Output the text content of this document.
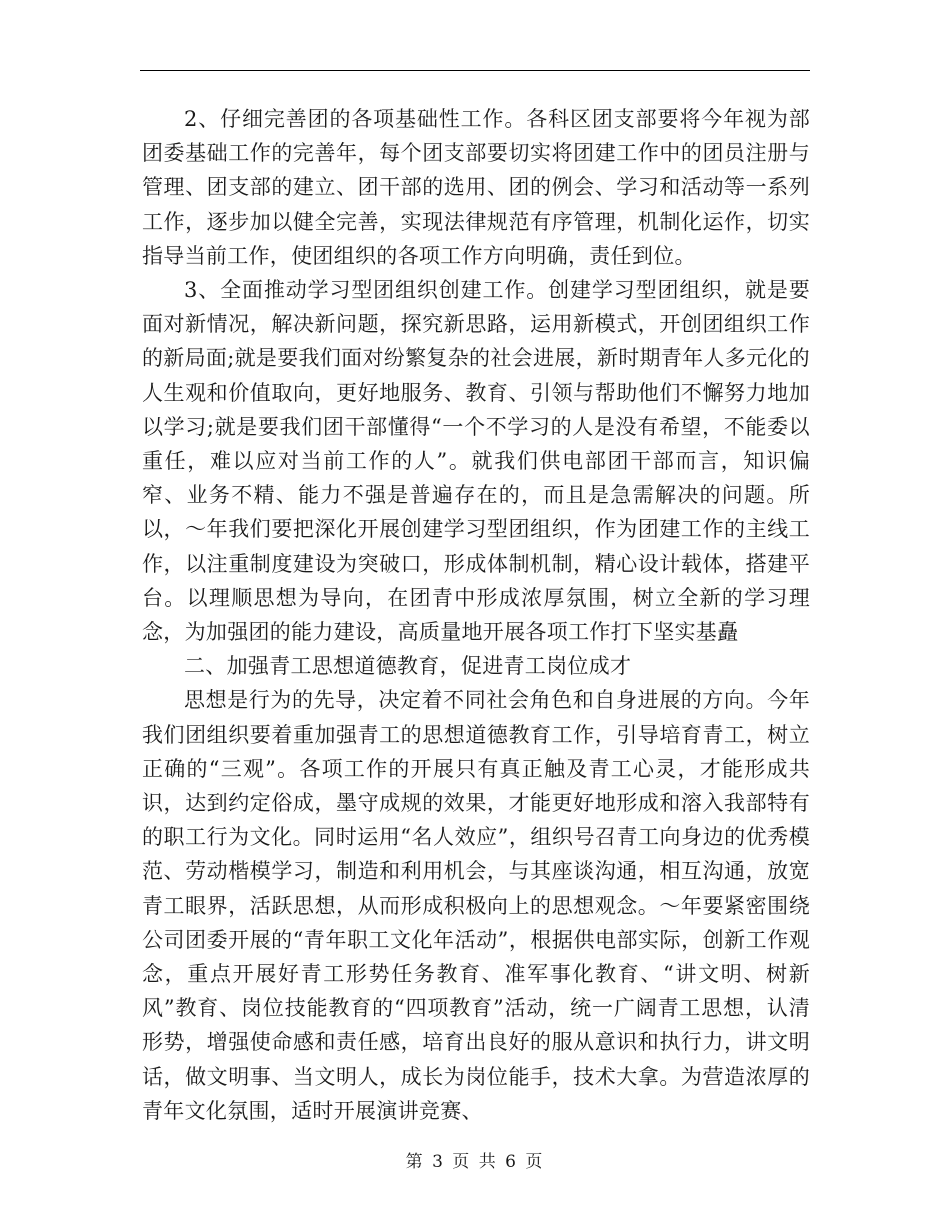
2、仔细完善团的各项基础性工作。各科区团支部要将今年视为部团委基础工作的完善年，每个团支部要切实将团建工作中的团员注册与管理、团支部的建立、团干部的选用、团的例会、学习和活动等一系列工作，逐步加以健全完善，实现法律规范有序管理，机制化运作，切实指导当前工作，使团组织的各项工作方向明确，责任到位。

3、全面推动学习型团组织创建工作。创建学习型团组织，就是要面对新情况，解决新问题，探究新思路，运用新模式，开创团组织工作的新局面;就是要我们面对纷繁复杂的社会进展，新时期青年人多元化的人生观和价值取向，更好地服务、教育、引领与帮助他们不懈努力地加以学习;就是要我们团干部懂得“一个不学习的人是没有希望，不能委以重任，难以应对当前工作的人”。就我们供电部团干部而言，知识偏窄、业务不精、能力不强是普遍存在的，而且是急需解决的问题。所以，～年我们要把深化开展创建学习型团组织，作为团建工作的主线工作，以注重制度建设为突破口，形成体制机制，精心设计载体，搭建平台。以理顺思想为导向，在团青中形成浓厚氛围，树立全新的学习理念，为加强团的能力建设，高质量地开展各项工作打下坚实基矗

二、加强青工思想道德教育，促进青工岗位成才

思想是行为的先导，决定着不同社会角色和自身进展的方向。今年我们团组织要着重加强青工的思想道德教育工作，引导培育青工，树立正确的“三观”。各项工作的开展只有真正触及青工心灵，才能形成共识，达到约定俗成，墨守成规的效果，才能更好地形成和溶入我部特有的职工行为文化。同时运用“名人效应”，组织号召青工向身边的优秀模范、劳动楷模学习，制造和利用机会，与其座谈沟通，相互沟通，放宽青工眼界，活跃思想，从而形成积极向上的思想观念。～年要紧密围绕公司团委开展的“青年职工文化年活动”，根据供电部实际，创新工作观念，重点开展好青工形势任务教育、准军事化教育、“讲文明、树新风”教育、岗位技能教育的“四项教育”活动，统一广阔青工思想，认清形势，增强使命感和责任感，培育出良好的服从意识和执行力，讲文明话，做文明事、当文明人，成长为岗位能手，技术大拿。为营造浓厚的青年文化氛围，适时开展演讲竞赛、

第 3 页 共 6 页
